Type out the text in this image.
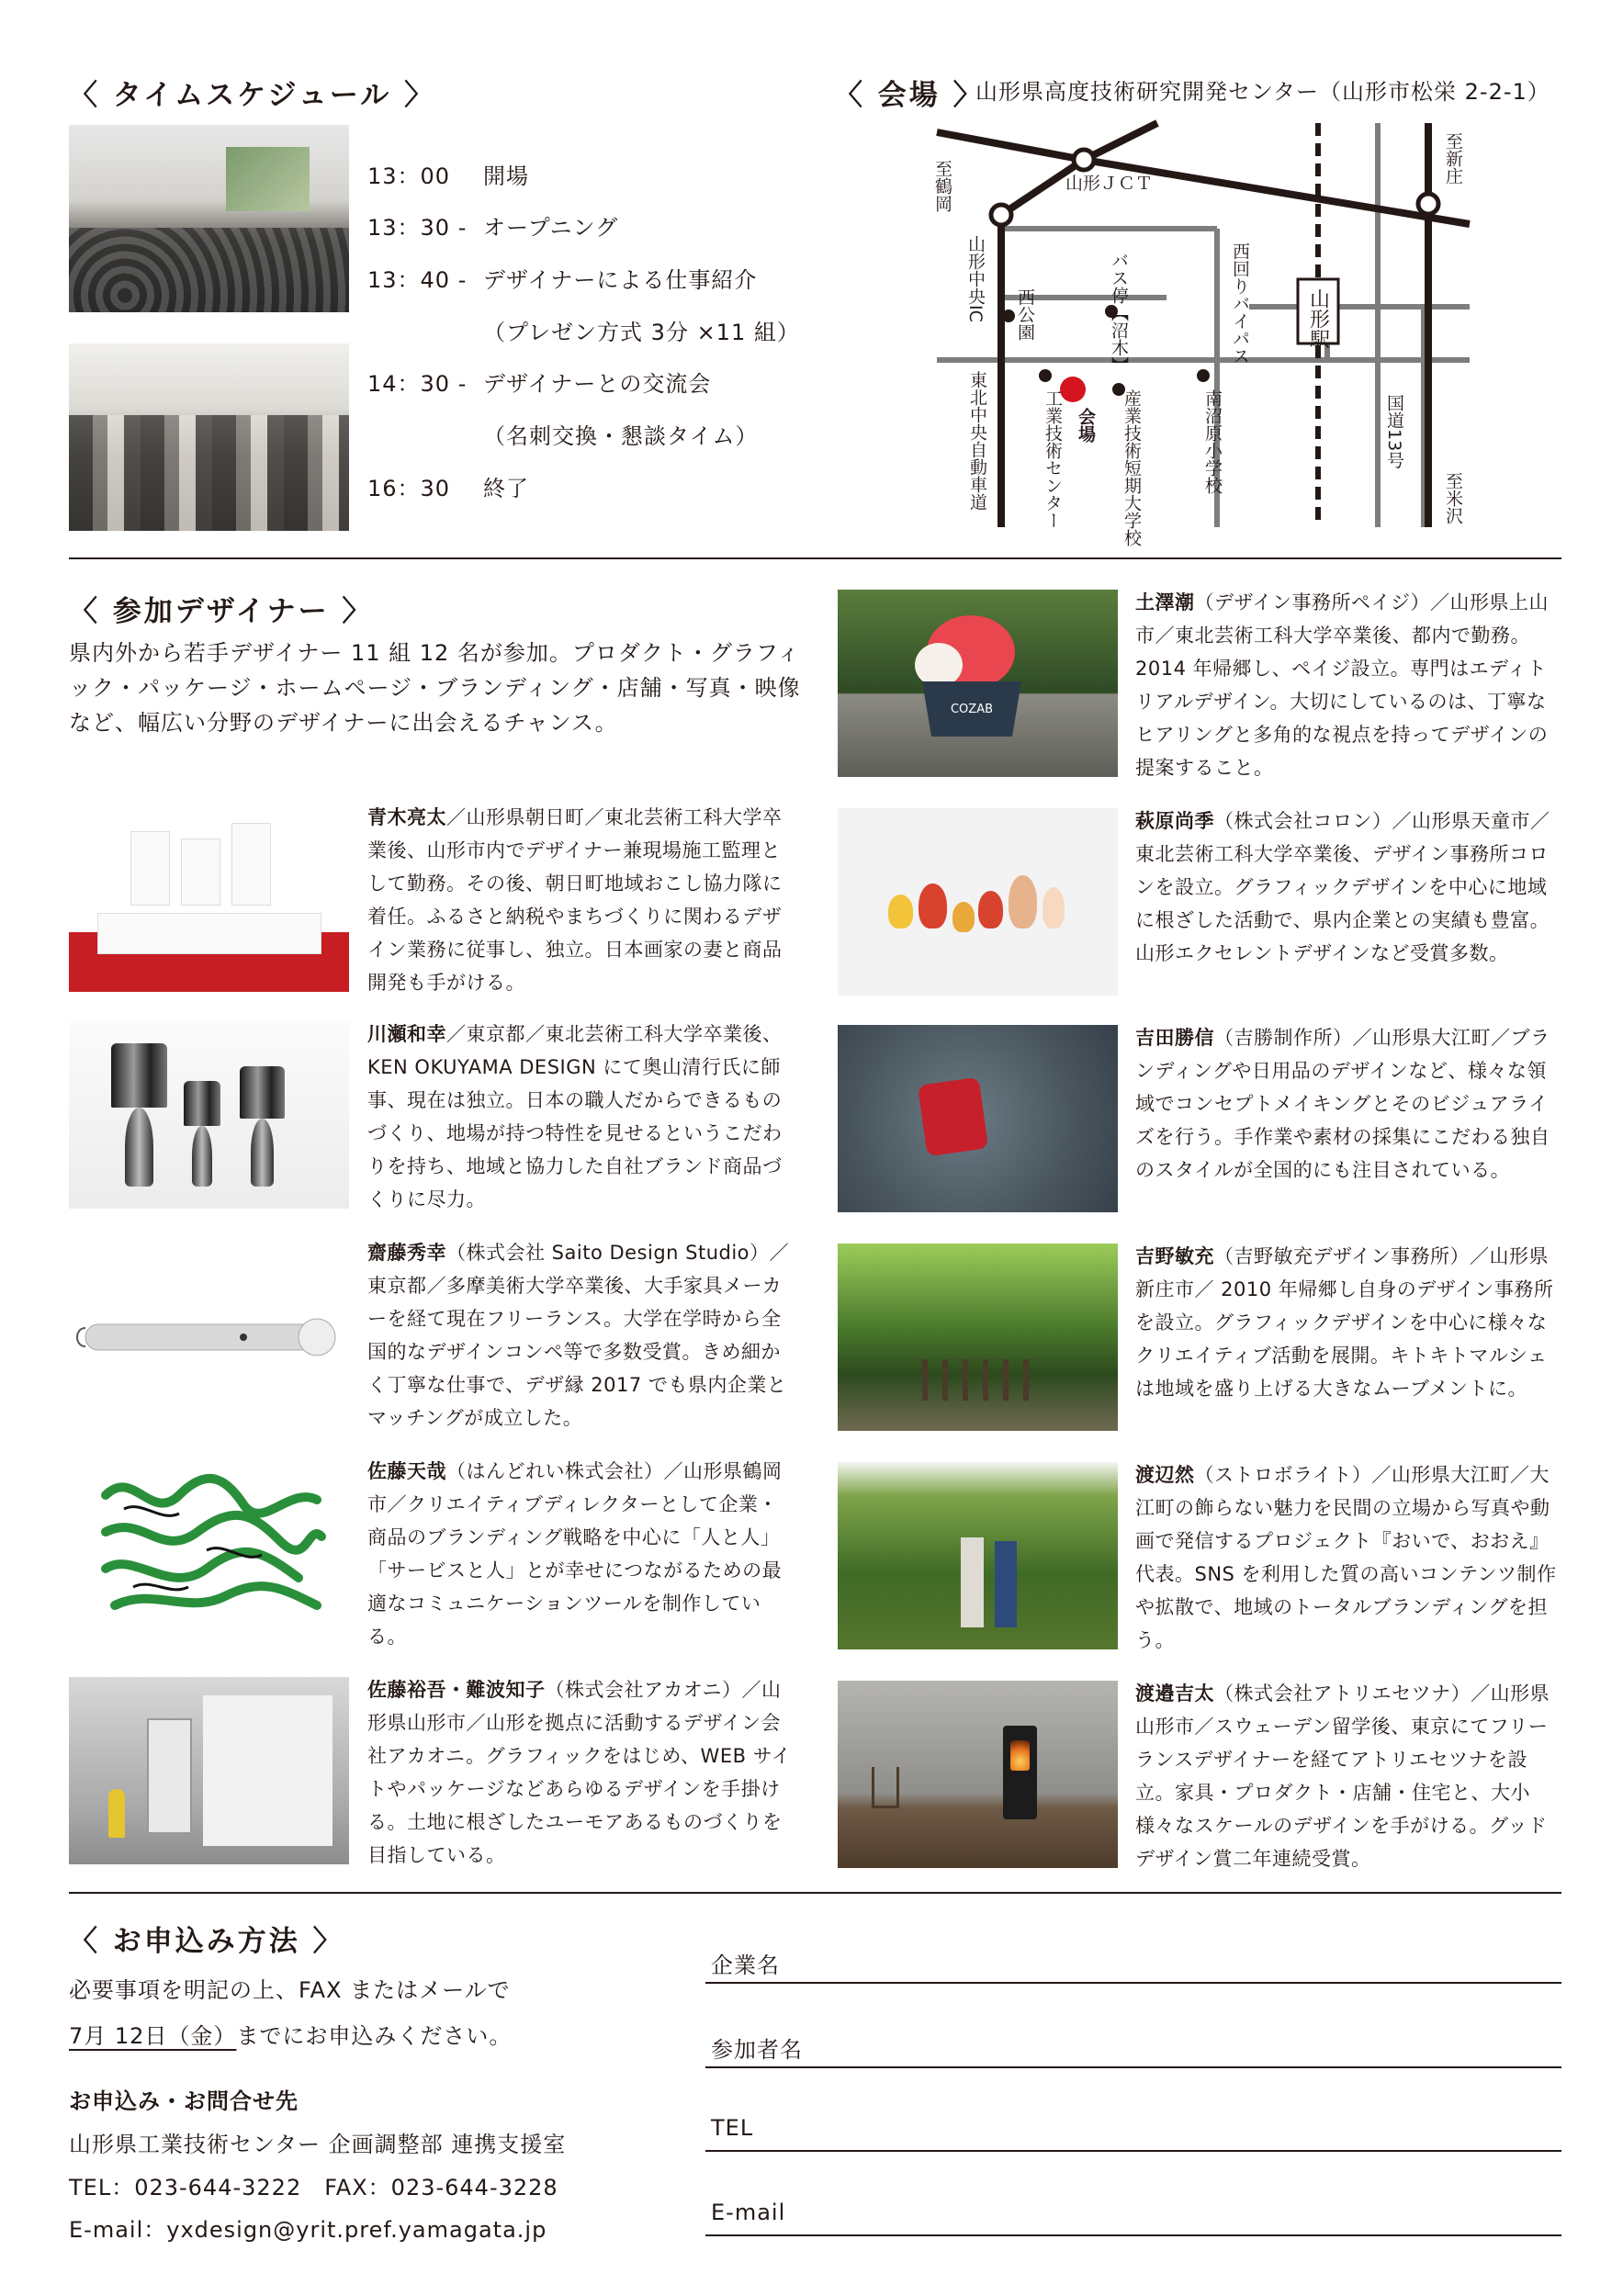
〈 タイムスケジュール 〉
13：00 開場
13：30 - オープニング
13：40 - デザイナーによる仕事紹介
（プレゼン方式 3分 ×11 組）
14：30 - デザイナーとの交流会
（名刺交換・懇談タイム）
16：30 終了
〈 会場 〉
山形県高度技術研究開発センター（山形市松栄 2-2-1）
至鶴岡
至新庄
至米沢
山形ＪＣＴ
山形中央IC 西公園	バス停【沼木】	西回りバイパス	山形駅
国道13号
東北中央自動車道	工業技術センター 会場 産業技術短期大学校	南沼原小学校
〈 参加デザイナー 〉
県内外から若手デザイナー 11 組 12 名が参加。プロダクト・グラフィック・パッケージ・ホームページ・ブランディング・店舗・写真・映像など、幅広い分野のデザイナーに出会えるチャンス。
青木亮太／山形県朝日町／東北芸術工科大学卒業後、山形市内でデザイナー兼現場施工監理として勤務。その後、朝日町地域おこし協力隊に着任。ふるさと納税やまちづくりに関わるデザイン業務に従事し、独立。日本画家の妻と商品開発も手がける。
川瀬和幸／東京都／東北芸術工科大学卒業後、KEN OKUYAMA DESIGN にて奥山清行氏に師事、現在は独立。日本の職人だからできるものづくり、地場が持つ特性を見せるというこだわりを持ち、地域と協力した自社ブランド商品づくりに尽力。
齋藤秀幸（株式会社 Saito Design Studio）／東京都／多摩美術大学卒業後、大手家具メーカーを経て現在フリーランス。大学在学時から全国的なデザインコンペ等で多数受賞。きめ細かく丁寧な仕事で、デザ縁 2017 でも県内企業とマッチングが成立した。
佐藤天哉（はんどれい株式会社）／山形県鶴岡市／クリエイティブディレクターとして企業・商品のブランディング戦略を中心に「人と人」「サービスと人」とが幸せにつながるための最適なコミュニケーションツールを制作している。
佐藤裕吾・難波知子（株式会社アカオニ）／山形県山形市／山形を拠点に活動するデザイン会社アカオニ。グラフィックをはじめ、WEB サイトやパッケージなどあらゆるデザインを手掛ける。土地に根ざしたユーモアあるものづくりを目指している。
COZAB
土澤潮（デザイン事務所ペイジ）／山形県上山市／東北芸術工科大学卒業後、都内で勤務。2014 年帰郷し、ペイジ設立。専門はエディトリアルデザイン。大切にしているのは、丁寧なヒアリングと多角的な視点を持ってデザインの提案すること。
萩原尚季（株式会社コロン）／山形県天童市／東北芸術工科大学卒業後、デザイン事務所コロンを設立。グラフィックデザインを中心に地域に根ざした活動で、県内企業との実績も豊富。山形エクセレントデザインなど受賞多数。
吉田勝信（吉勝制作所）／山形県大江町／ブランディングや日用品のデザインなど、様々な領域でコンセプトメイキングとそのビジュアライズを行う。手作業や素材の採集にこだわる独自のスタイルが全国的にも注目されている。
吉野敏充（吉野敏充デザイン事務所）／山形県新庄市／ 2010 年帰郷し自身のデザイン事務所を設立。グラフィックデザインを中心に様々なクリエイティブ活動を展開。キトキトマルシェは地域を盛り上げる大きなムーブメントに。
渡辺然（ストロボライト）／山形県大江町／大江町の飾らない魅力を民間の立場から写真や動画で発信するプロジェクト『おいで、おおえ』代表。SNS を利用した質の高いコンテンツ制作や拡散で、地域のトータルブランディングを担う。
渡邉吉太（株式会社アトリエセツナ）／山形県山形市／スウェーデン留学後、東京にてフリーランスデザイナーを経てアトリエセツナを設立。家具・プロダクト・店舗・住宅と、大小様々なスケールのデザインを手がける。グッドデザイン賞二年連続受賞。
〈 お申込み方法 〉
必要事項を明記の上、FAX またはメールで
7月 12日（金）までにお申込みください。
お申込み・お問合せ先
山形県工業技術センター 企画調整部 連携支援室
TEL：023-644-3222　FAX：023-644-3228
E-mail：yxdesign@yrit.pref.yamagata.jp
企業名
参加者名
TEL
E-mail
